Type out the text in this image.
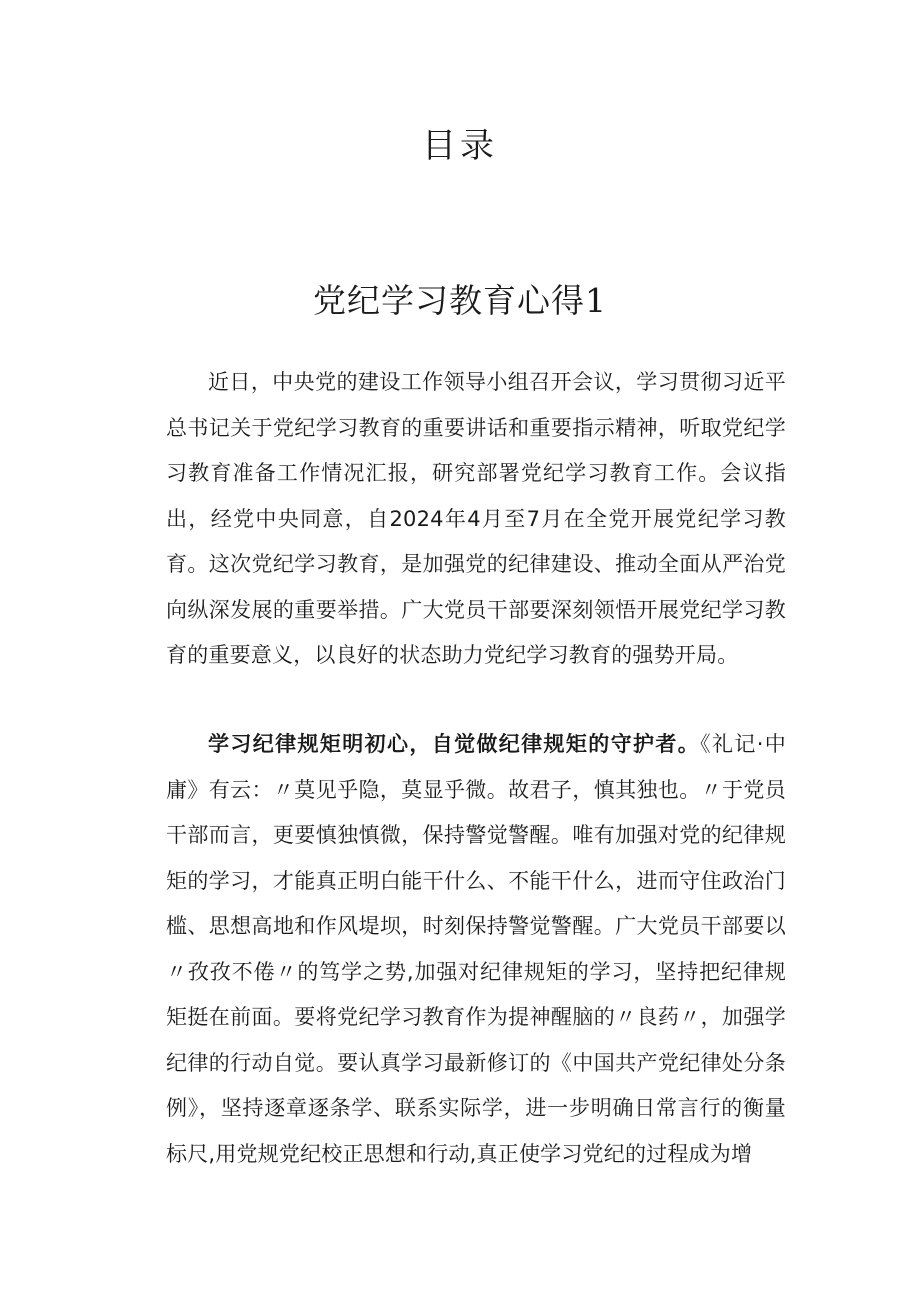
目录
党纪学习教育心得1

近日，中央党的建设工作领导小组召开会议，学习贯彻习近平总书记关于党纪学习教育的重要讲话和重要指示精神，听取党纪学习教育准备工作情况汇报，研究部署党纪学习教育工作。会议指出，经党中央同意，自2024年4月至7月在全党开展党纪学习教育。这次党纪学习教育，是加强党的纪律建设、推动全面从严治党向纵深发展的重要举措。广大党员干部要深刻领悟开展党纪学习教育的重要意义，以良好的状态助力党纪学习教育的强势开局。

学习纪律规矩明初心，自觉做纪律规矩的守护者。《礼记·中庸》有云：〃莫见乎隐，莫显乎微。故君子，慎其独也。〃于党员干部而言，更要慎独慎微，保持警觉警醒。唯有加强对党的纪律规矩的学习，才能真正明白能干什么、不能干什么，进而守住政治门槛、思想高地和作风堤坝，时刻保持警觉警醒。广大党员干部要以〃孜孜不倦〃的笃学之势,加强对纪律规矩的学习，坚持把纪律规矩挺在前面。要将党纪学习教育作为提神醒脑的〃良药〃，加强学纪律的行动自觉。要认真学习最新修订的《中国共产党纪律处分条例》，坚持逐章逐条学、联系实际学，进一步明确日常言行的衡量标尺,用党规党纪校正思想和行动,真正使学习党纪的过程成为增
